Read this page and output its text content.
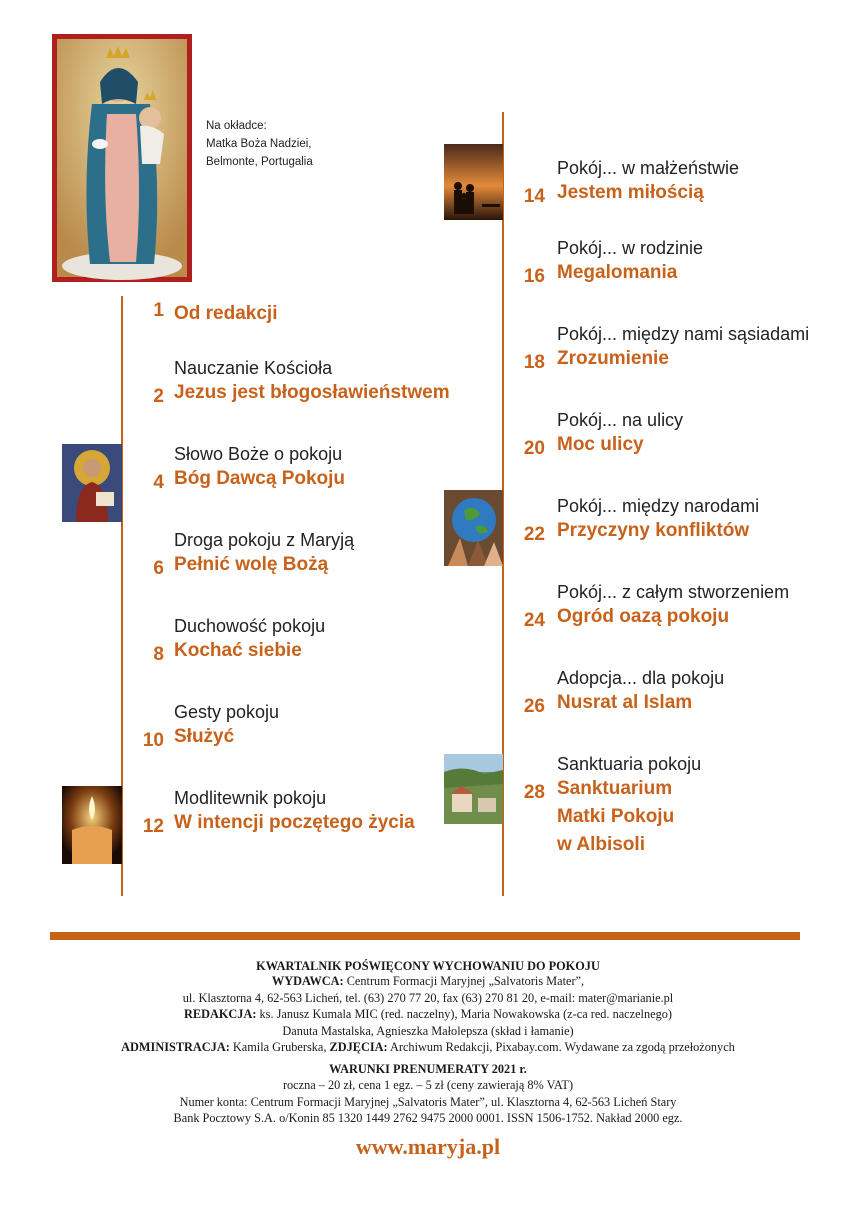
Na okładce:
Matka Boża Nadziei,
Belmonte, Portugalia
1 Od redakcji
Nauczanie Kościoła
2 Jezus jest błogosławieństwem
Słowo Boże o pokoju
4 Bóg Dawcą Pokoju
Droga pokoju z Maryją
6 Pełnić wolę Bożą
Duchowość pokoju
8 Kochać siebie
Gesty pokoju
10 Służyć
Modlitewnik pokoju
12 W intencji poczętego życia
Pokój... w małżeństwie
14 Jestem miłością
Pokój... w rodzinie
16 Megalomania
Pokój... między nami sąsiadami
18 Zrozumienie
Pokój... na ulicy
20 Moc ulicy
Pokój... między narodami
22 Przyczyny konfliktów
Pokój... z całym stworzeniem
24 Ogród oazą pokoju
Adopcja... dla pokoju
26 Nusrat al Islam
Sanktuaria pokoju
28 Sanktuarium
Matki Pokoju
w Albisoli
KWARTALNIK POŚWIĘCONY WYCHOWANIU DO POKOJU
WYDAWCA: Centrum Formacji Maryjnej „Salvatoris Mater”,
ul. Klasztorna 4, 62-563 Licheń, tel. (63) 270 77 20, fax (63) 270 81 20, e-mail: mater@marianie.pl
REDAKCJA: ks. Janusz Kumala MIC (red. naczelny), Maria Nowakowska (z-ca red. naczelnego)
Danuta Mastalska, Agnieszka Małolepsza (skład i łamanie)
ADMINISTRACJA: Kamila Gruberska, ZDJĘCIA: Archiwum Redakcji, Pixabay.com. Wydawane za zgodą przełożonych
WARUNKI PRENUMERATY 2021 r.
roczna – 20 zł, cena 1 egz. – 5 zł (ceny zawierają 8% VAT)
Numer konta: Centrum Formacji Maryjnej „Salvatoris Mater”, ul. Klasztorna 4, 62-563 Licheń Stary
Bank Pocztowy S.A. o/Konin 85 1320 1449 2762 9475 2000 0001. ISSN 1506-1752. Nakład 2000 egz.
www.maryja.pl
